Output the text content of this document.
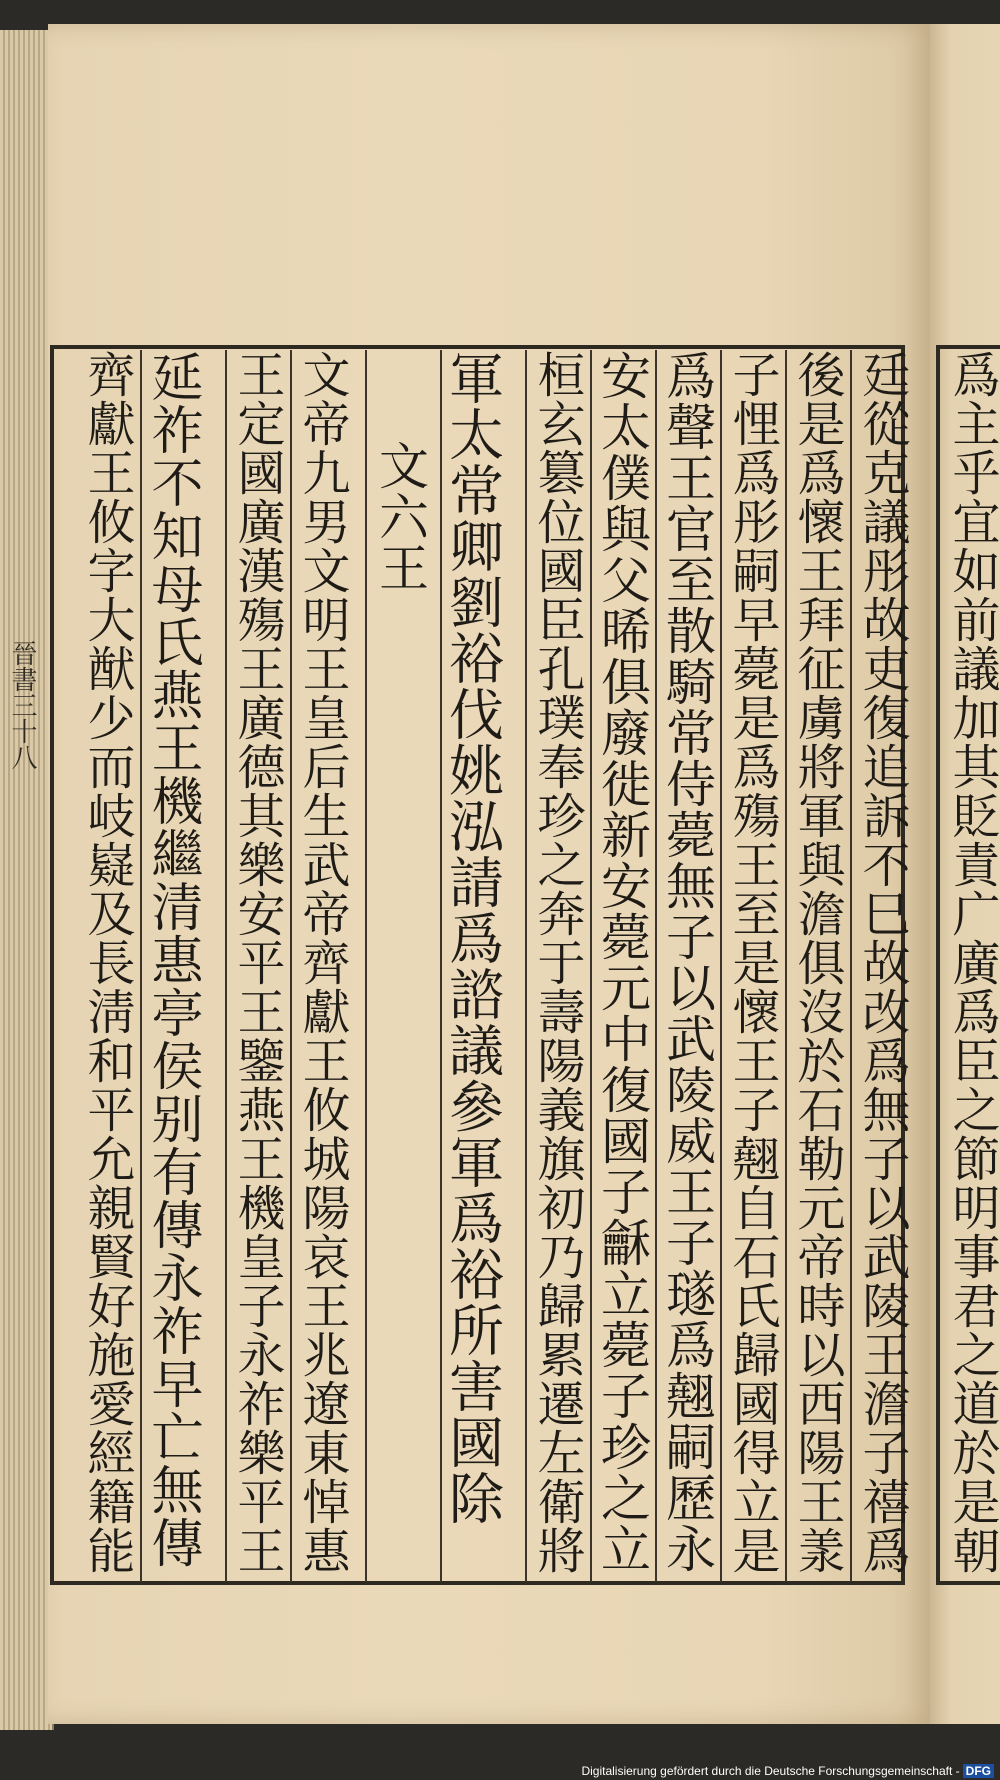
晉書三十八	爲主乎宜如前議加其貶責广廣爲臣之節明事君之道於是朝
廷從克議彤故吏復追訴不巳故改爲無子以武陵王澹子禧爲
後是爲懷王拜征虜將軍與澹俱沒於石勒元帝時以西陽王羕
子悝爲彤嗣早薨是爲殤王至是懷王子翹自石氏歸國得立是
爲聲王官至散騎常侍薨無子以武陵威王子璲爲翹嗣歷永
安太僕與父晞俱廢徙新安薨元中復國子龢立薨子珍之立
桓玄篡位國臣孔璞奉珍之奔于壽陽義旗初乃歸累遷左衛將
軍太常卿劉裕伐姚泓請爲諮議參軍爲裕所害國除
文六王
文帝九男文明王皇后生武帝齊獻王攸城陽哀王兆遼東悼惠
王定國廣漢殤王廣德其樂安平王鑒燕王機皇子永祚樂平王
延祚不知母氏燕王機繼清惠亭侯别有傳永祚早亡無傳
齊獻王攸字大猷少而岐嶷及長淸和平允親賢好施愛經籍能
Digitalisierung gefördert durch die Deutsche Forschungsgemeinschaft - DFG
